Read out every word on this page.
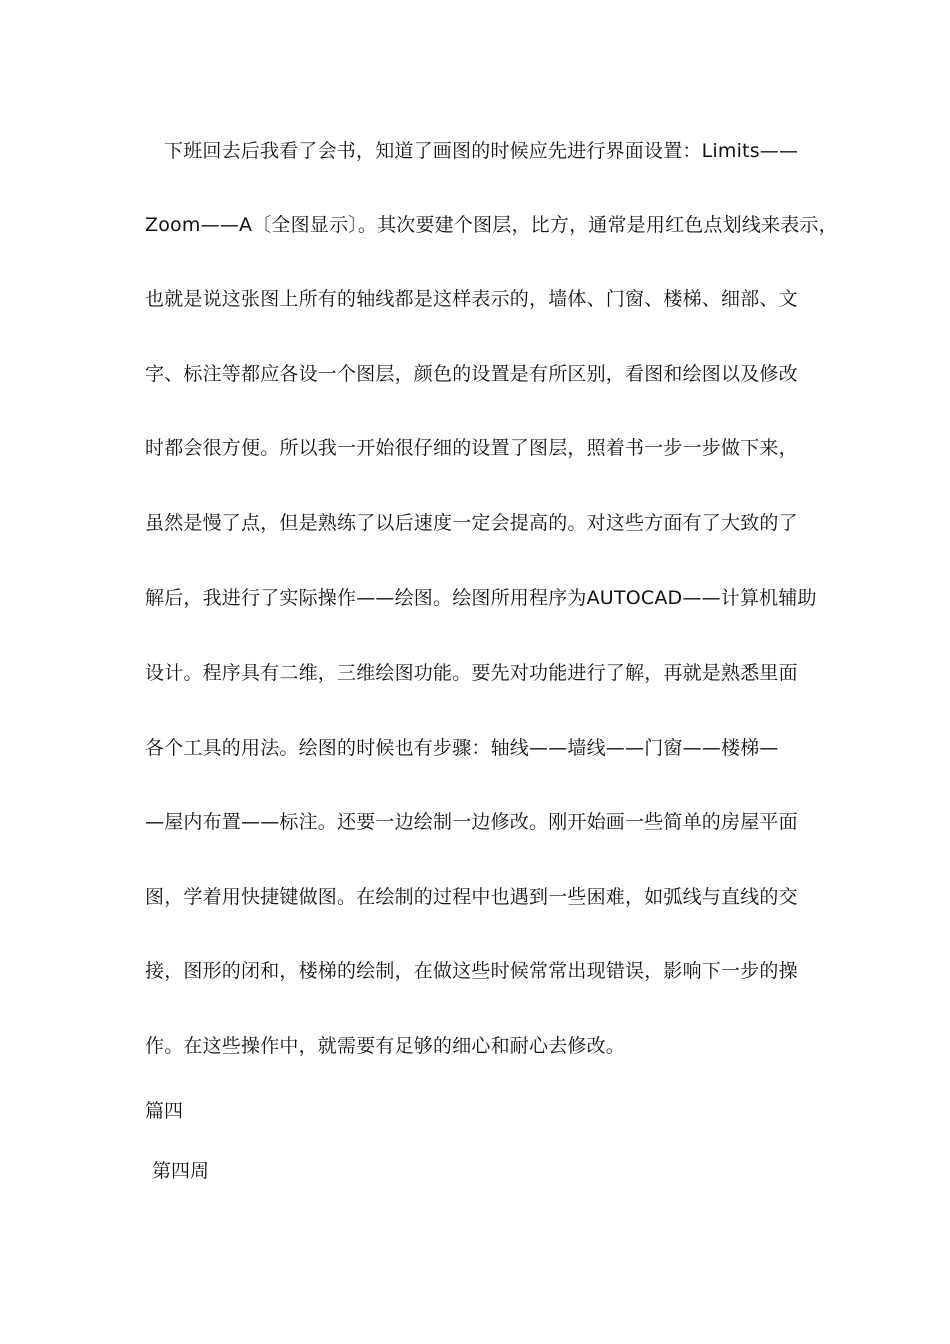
下班回去后我看了会书，知道了画图的时候应先进行界面设置：Limits——
Zoom——A〔全图显示〕。其次要建个图层，比方，通常是用红色点划线来表示，
也就是说这张图上所有的轴线都是这样表示的，墙体、门窗、楼梯、细部、文
字、标注等都应各设一个图层，颜色的设置是有所区别，看图和绘图以及修改
时都会很方便。所以我一开始很仔细的设置了图层，照着书一步一步做下来，
虽然是慢了点，但是熟练了以后速度一定会提高的。对这些方面有了大致的了
解后，我进行了实际操作——绘图。绘图所用程序为AUTOCAD——计算机辅助
设计。程序具有二维，三维绘图功能。要先对功能进行了解，再就是熟悉里面
各个工具的用法。绘图的时候也有步骤：轴线——墙线——门窗——楼梯—
—屋内布置——标注。还要一边绘制一边修改。刚开始画一些简单的房屋平面
图，学着用快捷键做图。在绘制的过程中也遇到一些困难，如弧线与直线的交
接，图形的闭和，楼梯的绘制，在做这些时候常常出现错误，影响下一步的操
作。在这些操作中，就需要有足够的细心和耐心去修改。
篇四
第四周
